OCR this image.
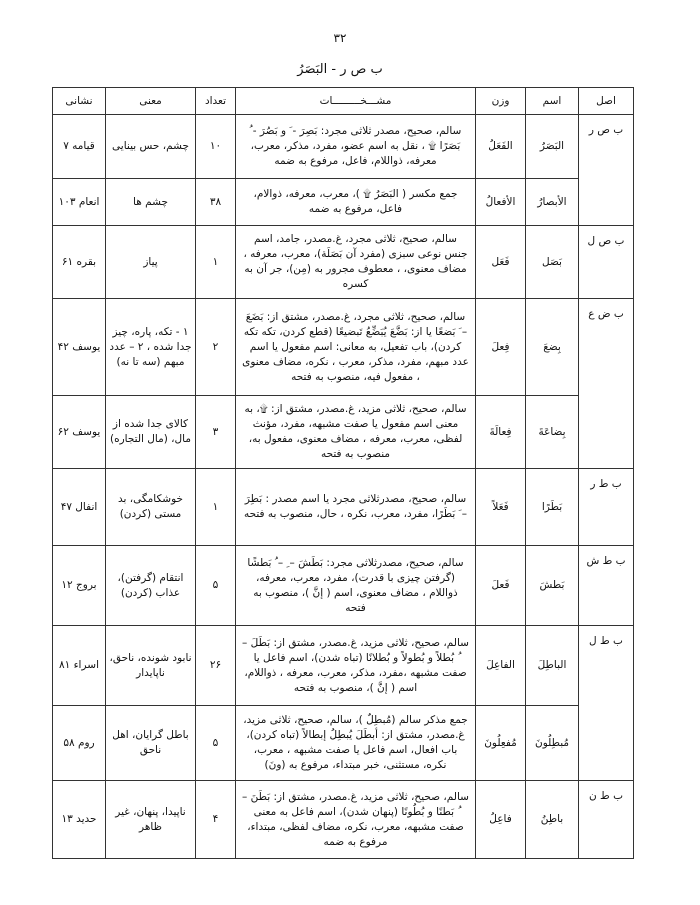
۳۲
ب ص ر - البَصَرُ
اصل	اسم	وزن	مشـــخـــــــــات	تعداد	معنی	نشانی
ب ص ر	البَصَرُ	الفَعَلُ	سالم، صحیح، مصدر ثلاثی مجرد: بَصِرَ - َ و بَصُرَ - ُ بَصَرًا ۩ ، نقل به اسم عضو، مفرد، مذکر، معرب، معرفه، ذواللام، فاعل، مرفوع به ضمه	۱۰	چشم، حس بینایی	قیامه ۷
	الأبصارُ	الأفعالُ	جمع مکسر ( البَصَرُ ۩ )، معرب، معرفه، ذوالام، فاعل، مرفوع به ضمه	۳۸	چشم ها	انعام ۱۰۳
ب ص ل	بَصَل	فَعَل	سالم، صحیح، ثلاثی مجرد، غ.مصدر، جامد، اسم جنس نوعی سبزی (مفرد آن بَصَلَة)، معرب، معرفه ، مضاف معنوی، ، معطوف مجرور به (مِن)، جر آن به کسره	۱	پیاز	بقره ۶۱
ب ض ع	بِضعَ	فِعلَ	سالم، صحیح، ثلاثی مجرد، غ.مصدر، مشتق از: بَضَعَ – َ بَضعًا یا از: بَضَّعَ یُبَضِّعُ تَبضیعًا (قطع کردن، تکه تکه کردن)، باب تفعیل، به معانی: اسم مفعول یا اسم عدد مبهم، مفرد، مذکر، معرب ، نکره، مضاف معنوی ، مفعول فیه، منصوب به فتحه	۲	۱ - تکه، پاره، چیز جدا شده ، ۲ – عدد مبهم (سه تا نه)	یوسف ۴۲
	بِضاعَةَ	فِعالَةَ	سالم، صحیح، ثلاثی مزید، غ.مصدر، مشتق از: ۩، به معنی اسم مفعول یا صفت مشبهه، مفرد، مؤنث لفظی، معرب، معرفه ، مضاف معنوی، مفعول به، منصوب به فتحه	۳	کالای جدا شده از مال، (مال التجاره)	یوسف ۶۲
ب ط ر	بَطَرًا	فَعَلاً	سالم، صحیح، مصدرثلاثی مجرد یا اسم مصدر : بَطِرَ – َ بَطَرًا، مفرد، معرب، نکره ، حال، منصوب به فتحه	۱	خوشکامگی، بد مستی (کردن)	انفال ۴۷
ب ط ش	بَطشَ	فَعلَ	سالم، صحیح، مصدرثلاثی مجرد: بَطَشَ – ِ – ُ بَطشًا (گرفتن چیزی با قدرت)، مفرد، معرب، معرفه، ذواللام ، مضاف معنوی، اسم ( إنَّ )، منصوب به فتحه	۵	انتقام (گرفتن)، عذاب (کردن)	بروج ۱۲
ب ط ل	الباطِلَ	الفاعِلَ	سالم، صحیح، ثلاثی مزید، غ.مصدر، مشتق از: بَطَلَ – ُ بُطلاً و بُطولاً و بُطلانًا (تباه شدن)، اسم فاعل یا صفت مشبهه ،مفرد، مذکر، معرب، معرفه ، ذواللام، اسم ( إنَّ )، منصوب به فتحه	۲۶	نابود شونده، ناحق، ناپایدار	اسراء ۸۱
	مُبطِلُونَ	مُفعِلُونَ	جمع مذکر سالم (مُبطِلٌ )، سالم، صحیح، ثلاثی مزید، غ.مصدر، مشتق از: أبطَلَ یُبطِلُ إبطالاً (تباه کردن)، باب افعال، اسم فاعل یا صفت مشبهه ، معرب، نکره، مستثنی، خبر مبتداء، مرفوع به (ونَ)	۵	باطل گرایان، اهل ناحق	روم ۵۸
ب ط ن	باطِنُ	فاعِلُ	سالم، صحیح، ثلاثی مزید، غ.مصدر، مشتق از: بَطَنَ – ُ بَطنًا و بُطُونًا (پنهان شدن)، اسم فاعل به معنی صفت مشبهه، معرب، نکره، مضاف لفظی، مبتداء، مرفوع به ضمه	۴	ناپیدا، پنهان، غیر ظاهر	حدید ۱۳
